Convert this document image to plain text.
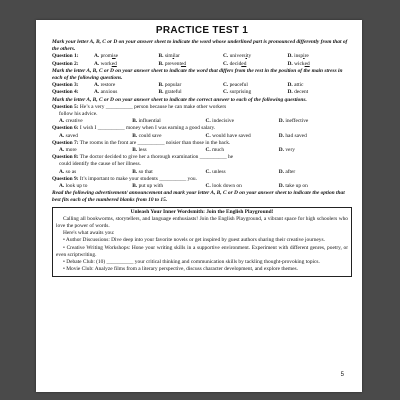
PRACTICE TEST 1

Mark your letter A, B, C or D on your answer sheet to indicate the word whose underlined part is pronounced differently from that of the others.

Question 1:	A. promise	B. similar	C. university	D. inspire
Question 2:	A. worked	B. prevented	C. decided	D. wicked

Mark the letter A, B, C or D on your answer sheet to indicate the word that differs from the rest in the position of the main stress in each of the following questions.

Question 3:	A. restore	B. popular	C. peaceful	D. attic
Question 4:	A. anxious	B. grateful	C. surprising	D. decent

Mark the letter A, B, C or D on your answer sheet to indicate the correct answer to each of the following questions.

Question 5: He’s a very __________ person because he can make other workers

follow his advice.

A. creative	B. influential	C. indecisive	D. ineffective

Question 6: I wish I __________ money when I was earning a good salary.

A. saved	B. could save	C. would have saved	D. had saved

Question 7: The rooms in the front are __________ noisier than those in the back.

A. more	B. less	C. much	D. very

Question 8: The doctor decided to give her a thorough examination __________ he

could identify the cause of her illness.

A. so as	B. so that	C. unless	D. after

Question 9: It’s important to make your students __________ you.

A. look up to	B. put up with	C. look down on	D. take up on

Read the following advertisement/ announcement and mark your letter A, B, C or D on your answer sheet to indicate the option that best fits each of the numbered blanks from 10 to 15.

Unleash Your Inner Wordsmith: Join the English Playground!

Calling all bookworms, storytellers, and language enthusiasts! Join the English Playground, a vibrant space for high schoolers who love the power of words.

Here's what awaits you:

• Author Discussions: Dive deep into your favorite novels or get inspired by guest authors sharing their creative journeys.

• Creative Writing Workshops: Hone your writing skills in a supportive environment. Experiment with different genres, poetry, or even scriptwriting.

• Debate Club: (10) __________ your critical thinking and communication skills by tackling thought-provoking topics.

• Movie Club: Analyze films from a literary perspective, discuss character development, and explore themes.

5
